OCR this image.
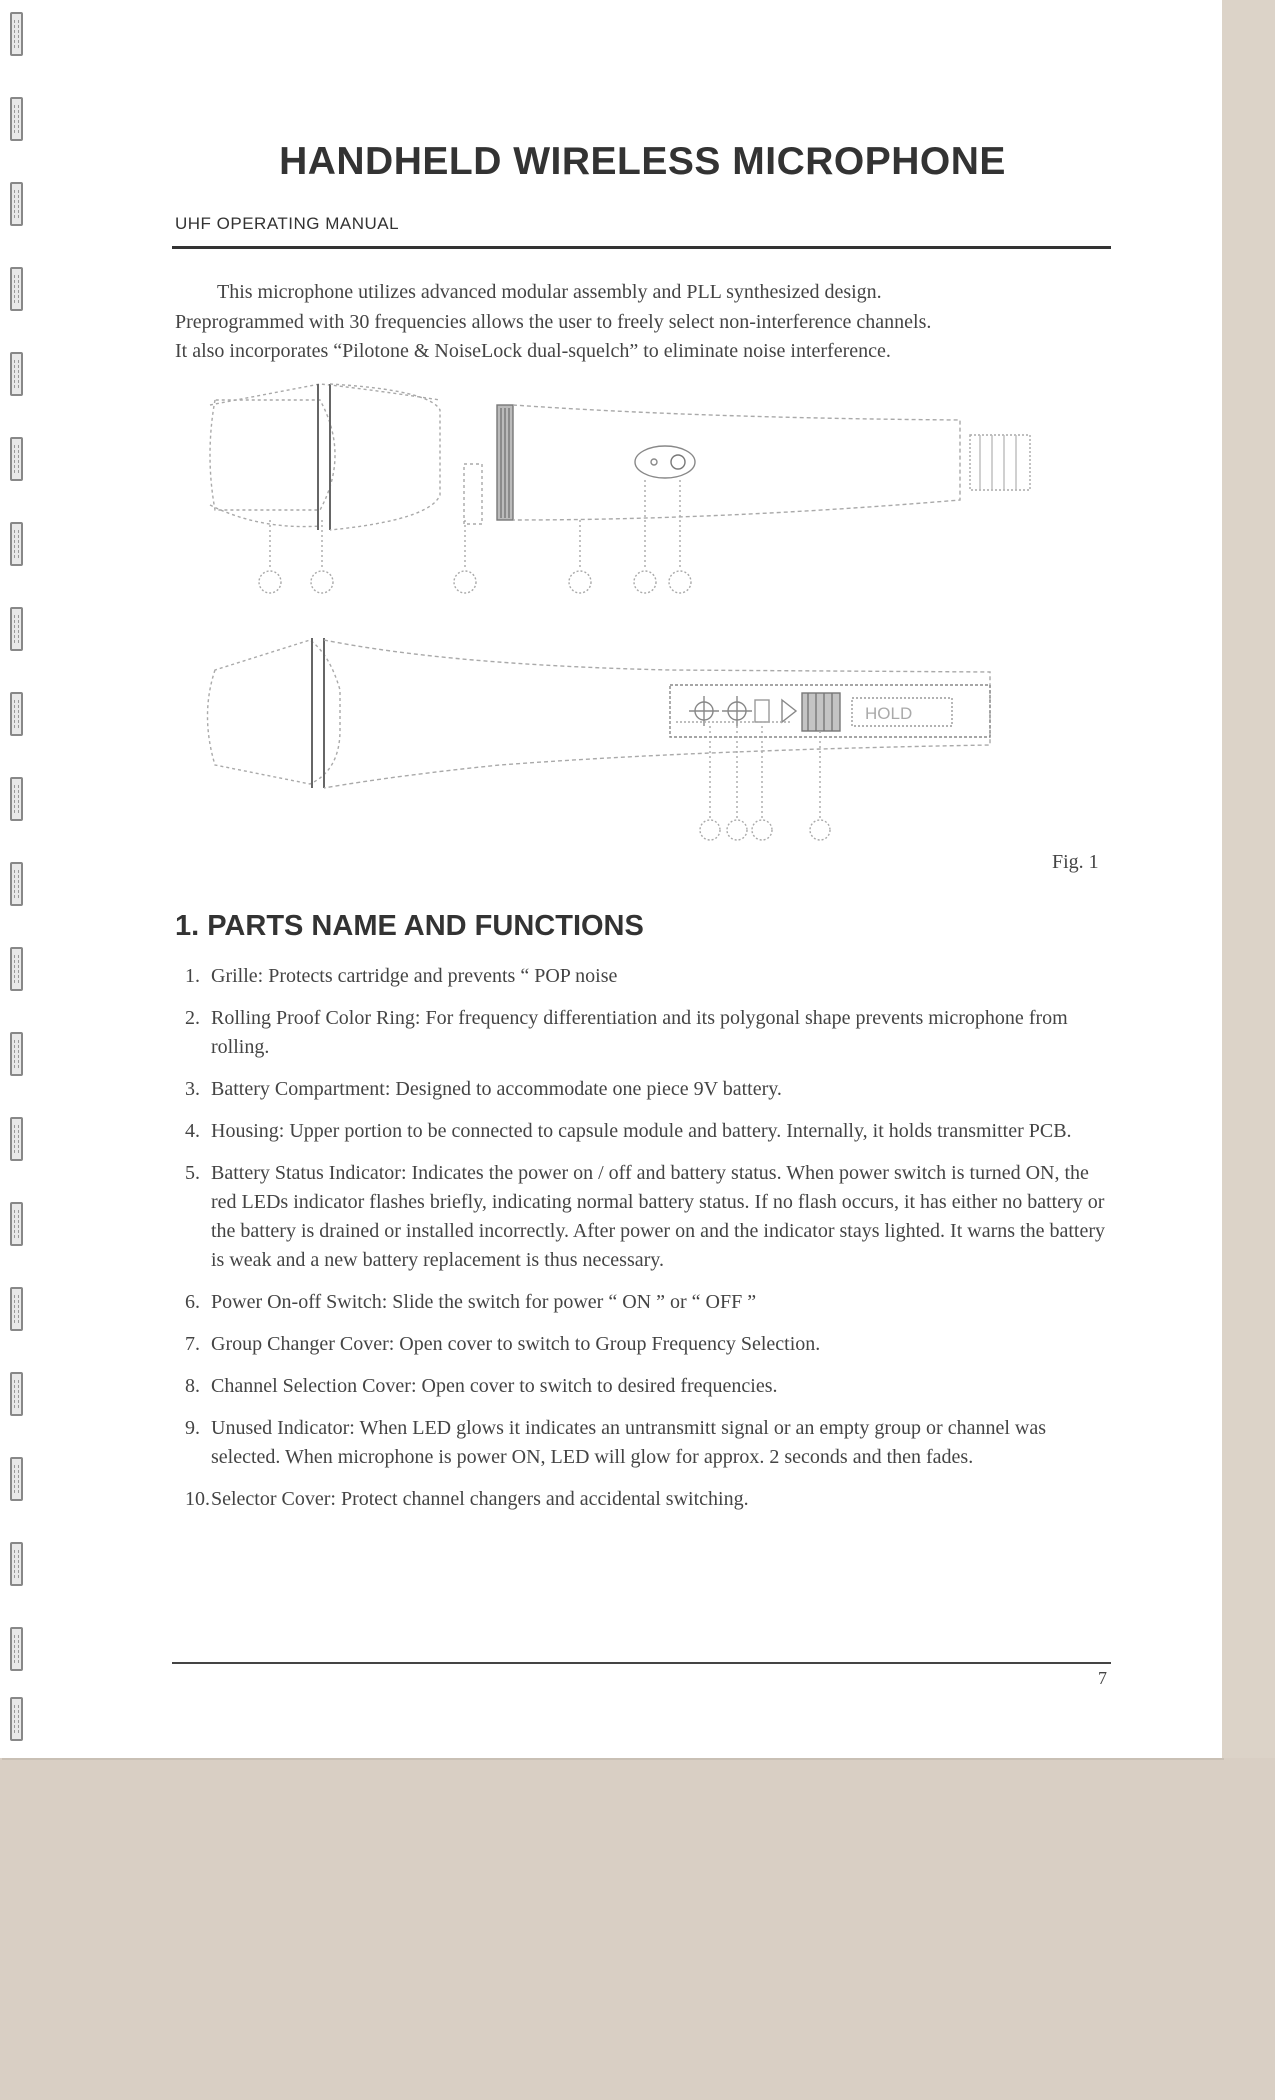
HANDHELD WIRELESS MICROPHONE
UHF OPERATING MANUAL

This microphone utilizes advanced modular assembly and PLL synthesized design.

Preprogrammed with 30 frequencies allows the user to freely select non-interference channels.

It also incorporates “Pilotone & NoiseLock dual-squelch” to eliminate noise interference.

HOLD
Fig. 1
1. PARTS NAME AND FUNCTIONS
1. Grille: Protects cartridge and prevents “ POP noise
2. Rolling Proof Color Ring: For frequency differentiation and its polygonal shape prevents microphone from rolling.
3. Battery Compartment: Designed to accommodate one piece 9V battery.
4. Housing: Upper portion to be connected to capsule module and battery. Internally, it holds transmitter PCB.
5. Battery Status Indicator: Indicates the power on / off and battery status. When power switch is turned ON, the red LEDs indicator flashes briefly, indicating normal battery status. If no flash occurs, it has either no battery or the battery is drained or installed incorrectly. After power on and the indicator stays lighted. It warns the battery is weak and a new battery replacement is thus necessary.
6. Power On-off Switch: Slide the switch for power “ ON ” or “ OFF ”
7. Group Changer Cover: Open cover to switch to Group Frequency Selection.
8. Channel Selection Cover: Open cover to switch to desired frequencies.
9. Unused Indicator: When LED glows it indicates an untransmitt signal or an empty group or channel was selected. When microphone is power ON, LED will glow for approx. 2 seconds and then fades.
10. Selector Cover: Protect channel changers and accidental switching.
7
